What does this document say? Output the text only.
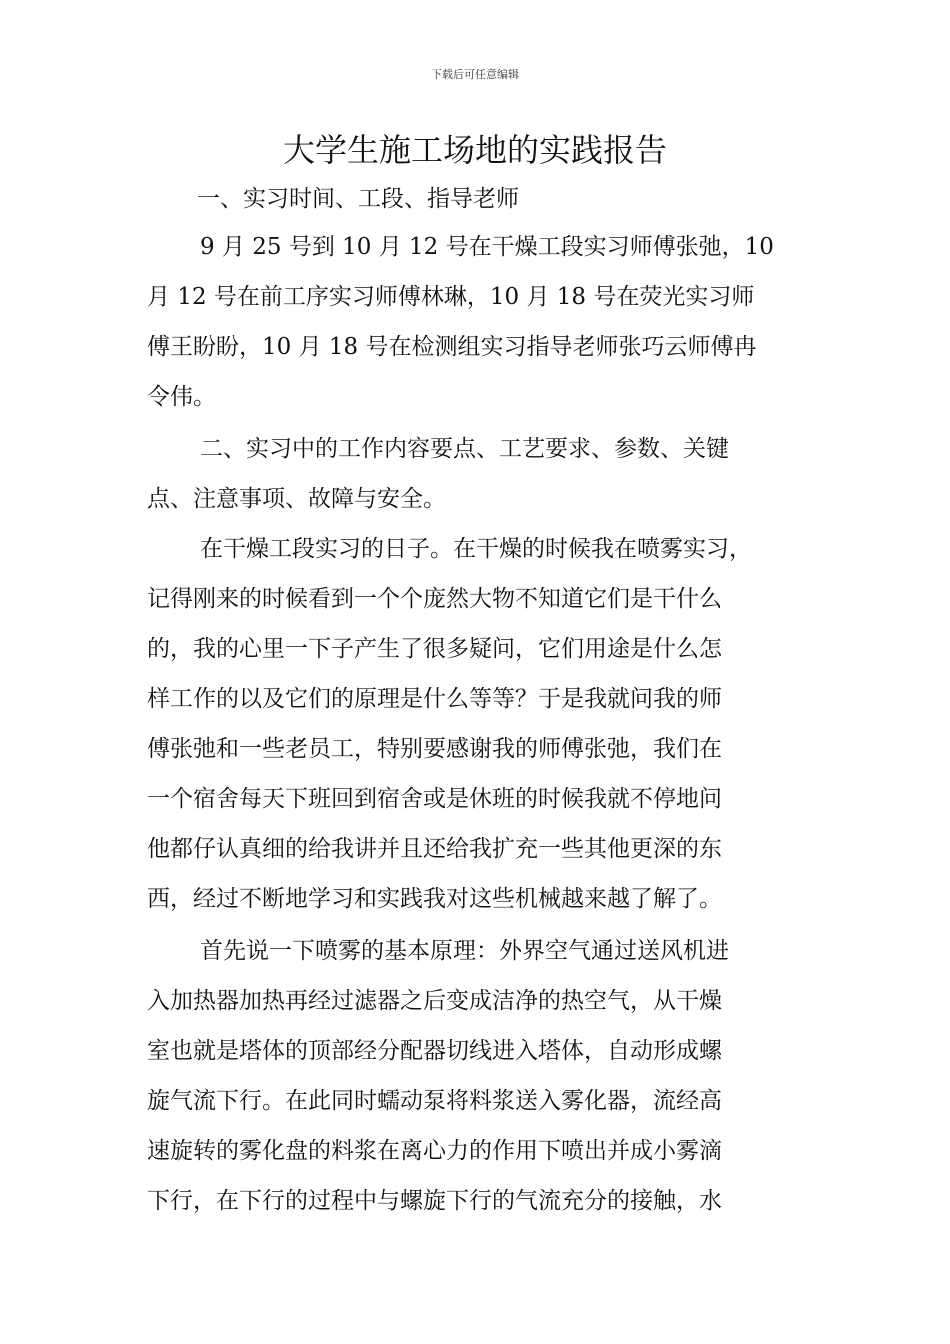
下载后可任意编辑
大学生施工场地的实践报告

一、实习时间、工段、指导老师

9 月 25 号到 10 月 12 号在干燥工段实习师傅张弛，10

月 12 号在前工序实习师傅林琳，10 月 18 号在荧光实习师

傅王盼盼，10 月 18 号在检测组实习指导老师张巧云师傅冉

令伟。

二、实习中的工作内容要点、工艺要求、参数、关键

点、注意事项、故障与安全。

在干燥工段实习的日子。在干燥的时候我在喷雾实习，

记得刚来的时候看到一个个庞然大物不知道它们是干什么

的，我的心里一下子产生了很多疑问，它们用途是什么怎

样工作的以及它们的原理是什么等等？于是我就问我的师

傅张弛和一些老员工，特别要感谢我的师傅张弛，我们在

一个宿舍每天下班回到宿舍或是休班的时候我就不停地问

他都仔认真细的给我讲并且还给我扩充一些其他更深的东

西，经过不断地学习和实践我对这些机械越来越了解了。

首先说一下喷雾的基本原理：外界空气通过送风机进

入加热器加热再经过滤器之后变成洁净的热空气，从干燥

室也就是塔体的顶部经分配器切线进入塔体，自动形成螺

旋气流下行。在此同时蠕动泵将料浆送入雾化器，流经高

速旋转的雾化盘的料浆在离心力的作用下喷出并成小雾滴

下行，在下行的过程中与螺旋下行的气流充分的接触，水
